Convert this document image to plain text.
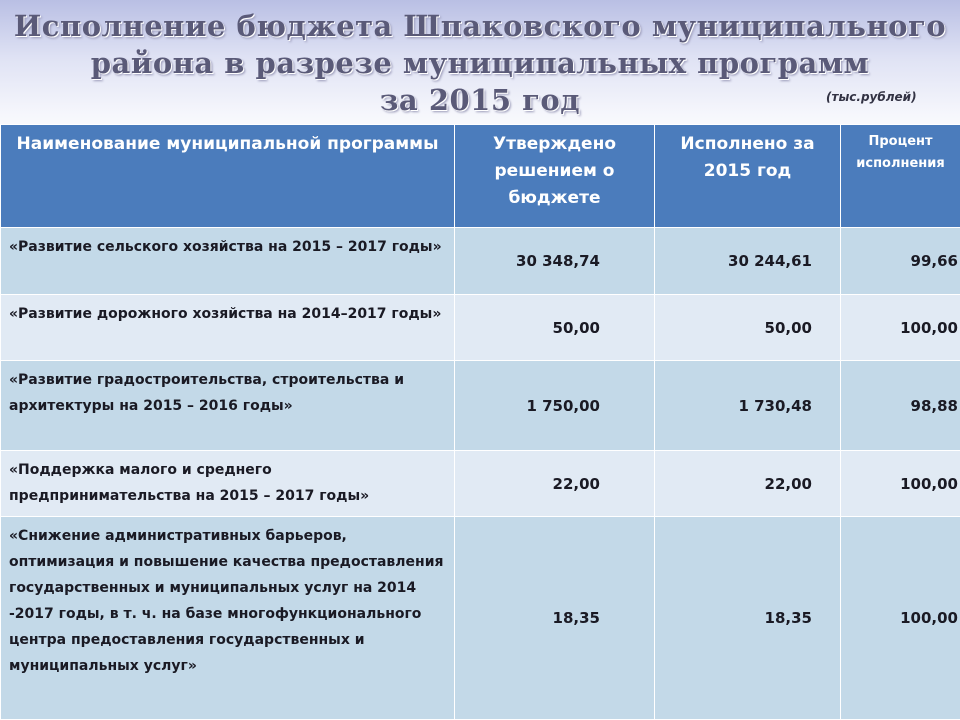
Исполнение бюджета Шпаковского муниципального
района в разрезе муниципальных программ
за 2015 год	(тыс.рублей)
Наименование муниципальной программы	Утверждено решением о бюджете	Исполнено за 2015 год	Процент исполнения
«Развитие сельского хозяйства на 2015 – 2017 годы»	30 348,74	30 244,61	99,66
«Развитие дорожного хозяйства на 2014–2017 годы»	50,00	50,00	100,00
«Развитие градостроительства, строительства и архитектуры на 2015 – 2016 годы»	1 750,00	1 730,48	98,88
«Поддержка малого и среднего предпринимательства на 2015 – 2017 годы»	22,00	22,00	100,00
«Снижение административных барьеров, оптимизация и повышение качества предоставления государственных и муниципальных услуг на 2014 -2017 годы, в т. ч. на базе многофункционального центра предоставления государственных и муниципальных услуг»	18,35	18,35	100,00
